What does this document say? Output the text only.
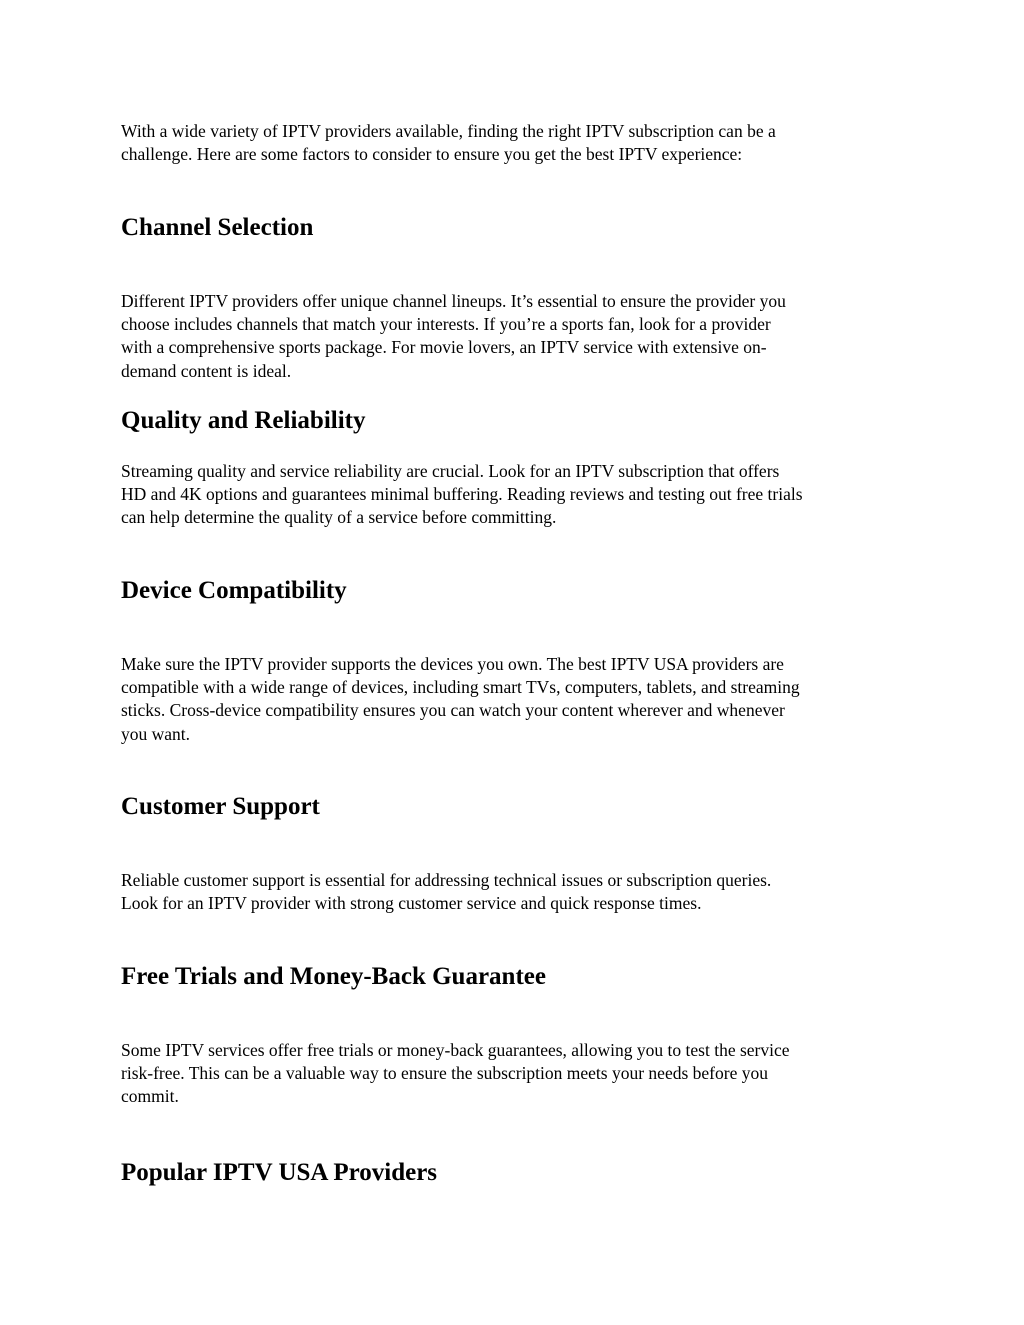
With a wide variety of IPTV providers available, finding the right IPTV subscription can be a
challenge. Here are some factors to consider to ensure you get the best IPTV experience:

Channel Selection

Different IPTV providers offer unique channel lineups. It’s essential to ensure the provider you
choose includes channels that match your interests. If you’re a sports fan, look for a provider
with a comprehensive sports package. For movie lovers, an IPTV service with extensive on-
demand content is ideal.

Quality and Reliability

Streaming quality and service reliability are crucial. Look for an IPTV subscription that offers
HD and 4K options and guarantees minimal buffering. Reading reviews and testing out free trials
can help determine the quality of a service before committing.

Device Compatibility

Make sure the IPTV provider supports the devices you own. The best IPTV USA providers are
compatible with a wide range of devices, including smart TVs, computers, tablets, and streaming
sticks. Cross-device compatibility ensures you can watch your content wherever and whenever
you want.

Customer Support

Reliable customer support is essential for addressing technical issues or subscription queries.
Look for an IPTV provider with strong customer service and quick response times.

Free Trials and Money-Back Guarantee

Some IPTV services offer free trials or money-back guarantees, allowing you to test the service
risk-free. This can be a valuable way to ensure the subscription meets your needs before you
commit.

Popular IPTV USA Providers
